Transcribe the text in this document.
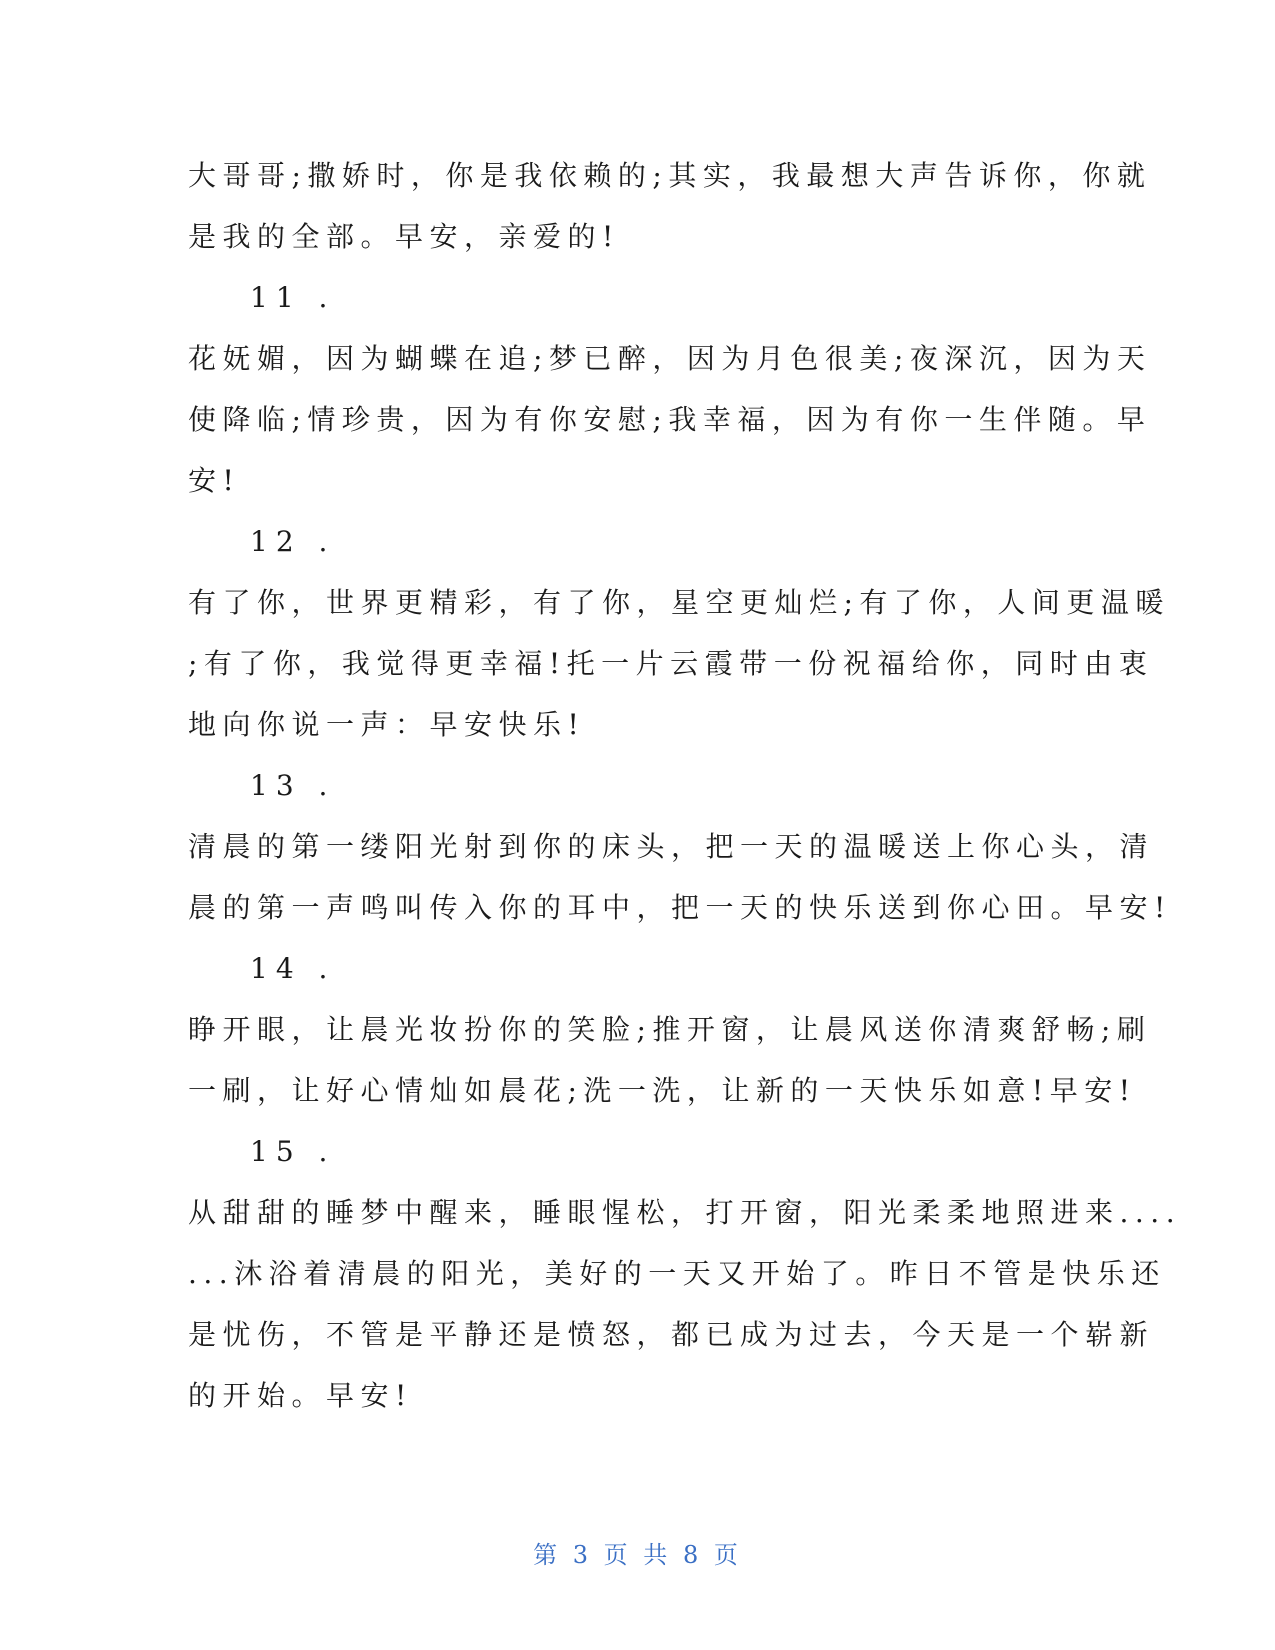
大哥哥;撒娇时，你是我依赖的;其实，我最想大声告诉你，你就
是我的全部。早安，亲爱的!
11 .
花妩媚，因为蝴蝶在追;梦已醉，因为月色很美;夜深沉，因为天
使降临;情珍贵，因为有你安慰;我幸福，因为有你一生伴随。早
安!
12 .
有了你，世界更精彩，有了你，星空更灿烂;有了你，人间更温暖
;有了你，我觉得更幸福!托一片云霞带一份祝福给你，同时由衷
地向你说一声：早安快乐!
13 .
清晨的第一缕阳光射到你的床头，把一天的温暖送上你心头，清
晨的第一声鸣叫传入你的耳中，把一天的快乐送到你心田。早安!
14 .
睁开眼，让晨光妆扮你的笑脸;推开窗，让晨风送你清爽舒畅;刷
一刷，让好心情灿如晨花;洗一洗，让新的一天快乐如意!早安!
15 .
从甜甜的睡梦中醒来，睡眼惺松，打开窗，阳光柔柔地照进来....
...沐浴着清晨的阳光，美好的一天又开始了。昨日不管是快乐还
是忧伤，不管是平静还是愤怒，都已成为过去，今天是一个崭新
的开始。早安!
第 3 页 共 8 页
